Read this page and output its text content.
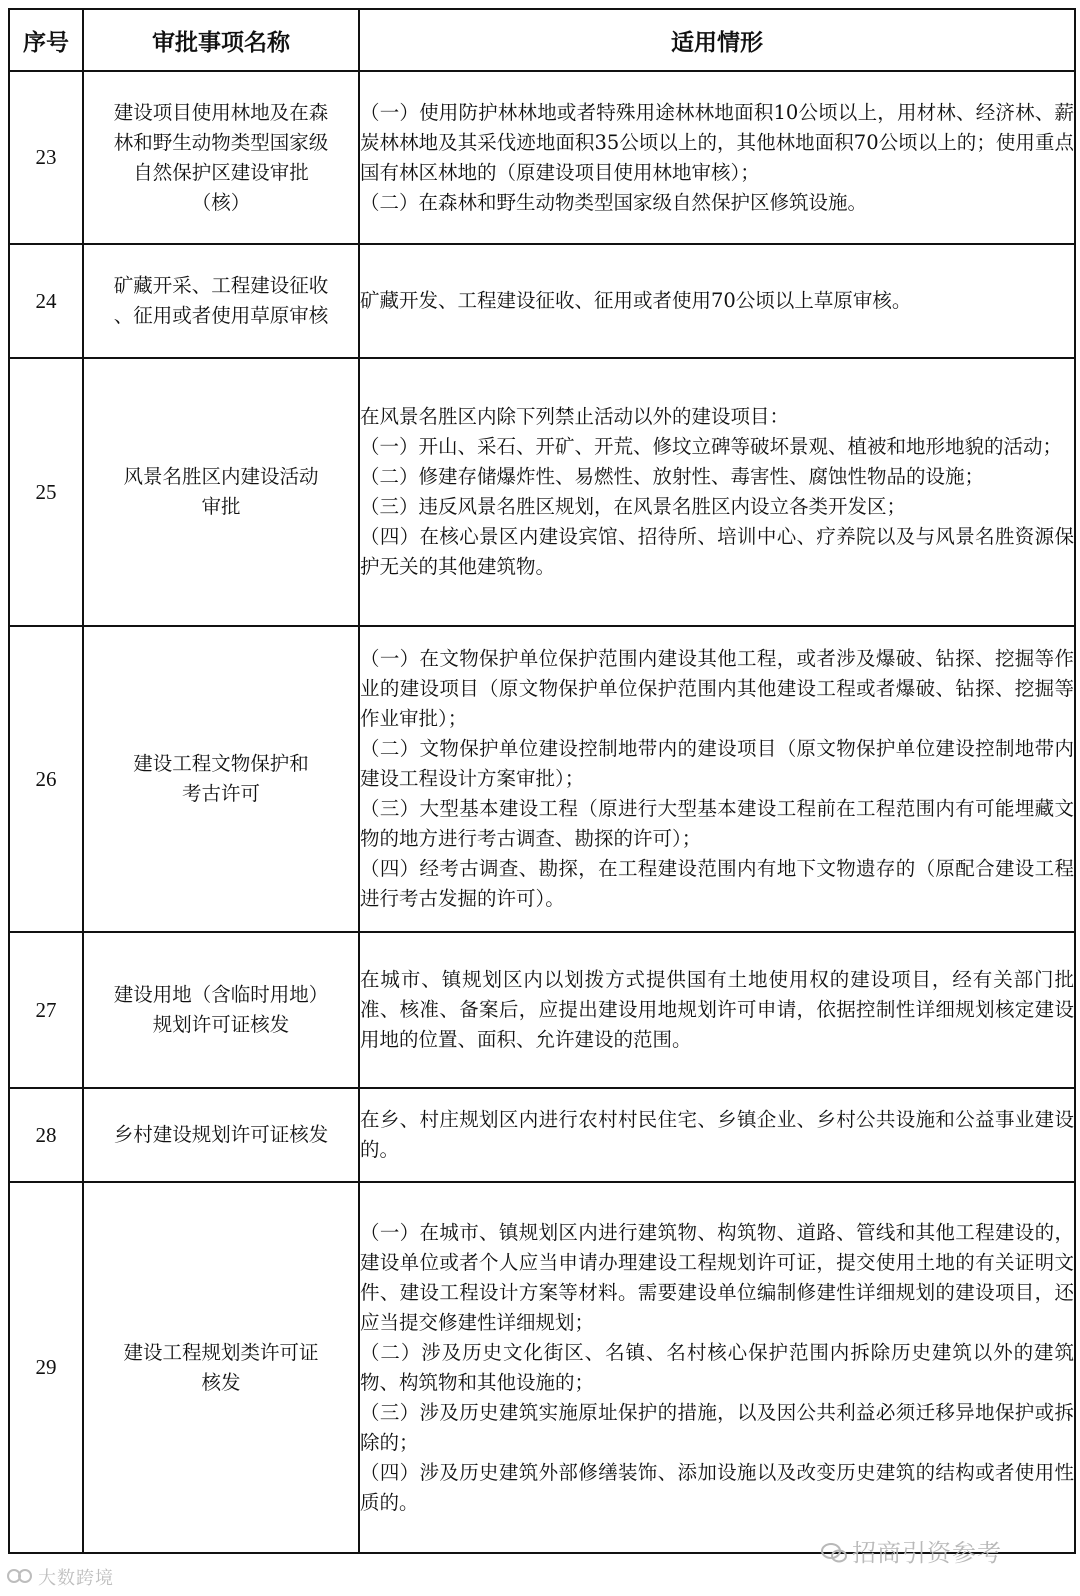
序号	审批事项名称	适用情形
23	建设项目使用林地及在森
林和野生动物类型国家级
自然保护区建设审批
（核）	（一）使用防护林林地或者特殊用途林林地面积10公顷以上，用材林、经济林、薪炭林林地及其采伐迹地面积35公顷以上的，其他林地面积70公顷以上的；使用重点国有林区林地的（原建设项目使用林地审核）；
（二）在森林和野生动物类型国家级自然保护区修筑设施。

24	矿藏开采、工程建设征收
、征用或者使用草原审核	矿藏开发、工程建设征收、征用或者使用70公顷以上草原审核。

25	风景名胜区内建设活动
审批	在风景名胜区内除下列禁止活动以外的建设项目：
（一）开山、采石、开矿、开荒、修坟立碑等破坏景观、植被和地形地貌的活动；
（二）修建存储爆炸性、易燃性、放射性、毒害性、腐蚀性物品的设施；
（三）违反风景名胜区规划，在风景名胜区内设立各类开发区；
（四）在核心景区内建设宾馆、招待所、培训中心、疗养院以及与风景名胜资源保护无关的其他建筑物。

26	建设工程文物保护和
考古许可	（一）在文物保护单位保护范围内建设其他工程，或者涉及爆破、钻探、挖掘等作业的建设项目（原文物保护单位保护范围内其他建设工程或者爆破、钻探、挖掘等作业审批）；
（二）文物保护单位建设控制地带内的建设项目（原文物保护单位建设控制地带内建设工程设计方案审批）；
（三）大型基本建设工程（原进行大型基本建设工程前在工程范围内有可能埋藏文物的地方进行考古调查、勘探的许可）；
（四）经考古调查、勘探，在工程建设范围内有地下文物遗存的（原配合建设工程进行考古发掘的许可）。

27	建设用地（含临时用地）
规划许可证核发	在城市、镇规划区内以划拨方式提供国有土地使用权的建设项目，经有关部门批准、核准、备案后，应提出建设用地规划许可申请，依据控制性详细规划核定建设用地的位置、面积、允许建设的范围。

28	乡村建设规划许可证核发	在乡、村庄规划区内进行农村村民住宅、乡镇企业、乡村公共设施和公益事业建设的。

29	建设工程规划类许可证
核发	（一）在城市、镇规划区内进行建筑物、构筑物、道路、管线和其他工程建设的，建设单位或者个人应当申请办理建设工程规划许可证，提交使用土地的有关证明文件、建设工程设计方案等材料。需要建设单位编制修建性详细规划的建设项目，还应当提交修建性详细规划；
（二）涉及历史文化街区、名镇、名村核心保护范围内拆除历史建筑以外的建筑物、构筑物和其他设施的；
（三）涉及历史建筑实施原址保护的措施，以及因公共利益必须迁移异地保护或拆除的；
（四）涉及历史建筑外部修缮装饰、添加设施以及改变历史建筑的结构或者使用性质的。
大数跨境
招商引资参考
